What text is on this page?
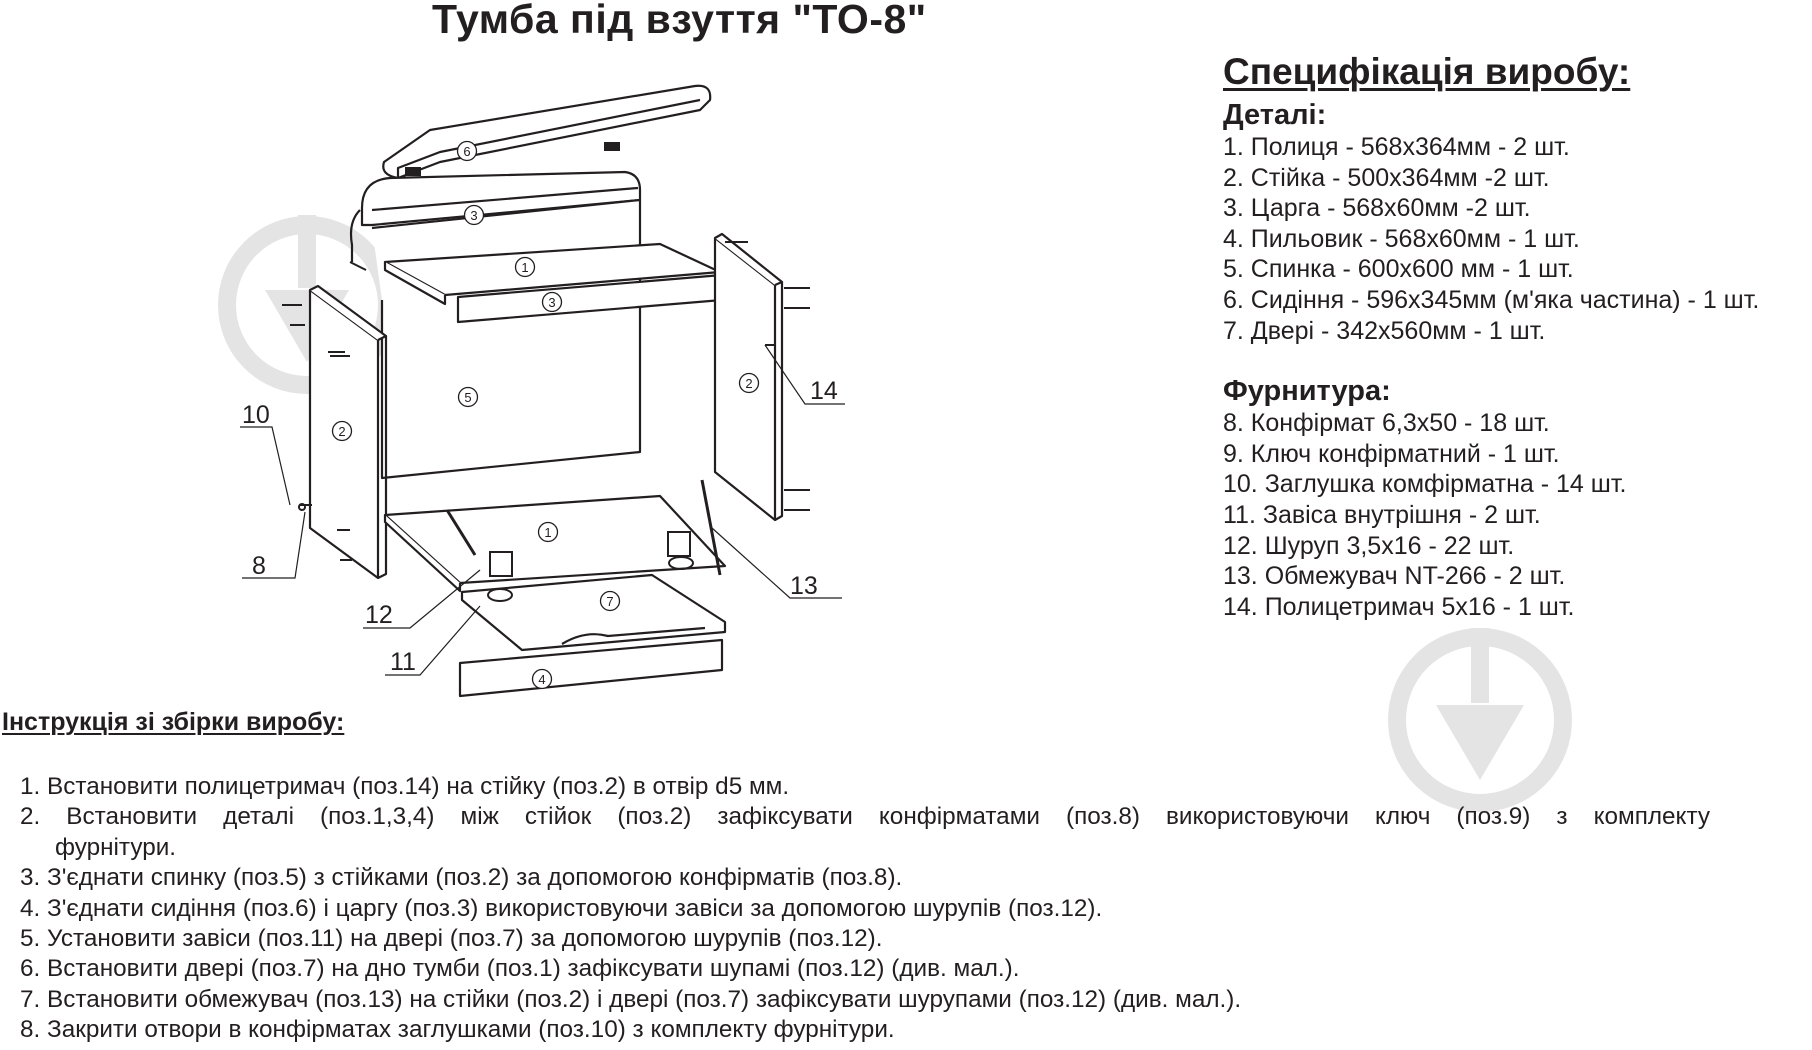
Тумба під взуття "ТО-8"
6
3
1
3
5
2
2
1
7
4
10
8
12
11
13
14
Специфікація виробу:
Деталі:
1. Полиця - 568х364мм - 2 шт.
2. Стійка - 500х364мм -2 шт.
3. Царга - 568х60мм -2 шт.
4. Пильовик - 568х60мм - 1 шт.
5. Спинка - 600х600 мм - 1 шт.
6. Сидіння - 596х345мм (м'яка частина) - 1 шт.
7. Двері - 342х560мм - 1 шт.
Фурнитура:
8. Конфірмат 6,3х50 - 18 шт.
9. Ключ конфірматний - 1 шт.
10. Заглушка комфірматна - 14 шт.
11. Завіса внутрішня - 2 шт.
12. Шуруп 3,5х16 - 22 шт.
13. Обмежувач NT-266 - 2 шт.
14. Полицетримач 5х16 - 1 шт.
Інструкція зі збірки виробу:
1. Встановити полицетримач (поз.14) на стійку (поз.2) в отвір d5 мм.
2. Встановити деталі (поз.1,3,4) між стійок (поз.2) зафіксувати конфірматами (поз.8) використовуючи ключ (поз.9) з комплекту
фурнітури.
3. З'єднати спинку (поз.5) з стійками (поз.2) за допомогою конфірматів (поз.8).
4. З'єднати сидіння (поз.6) і царгу (поз.3) використовуючи завіси за допомогою шурупів (поз.12).
5. Установити завіси (поз.11) на двері (поз.7) за допомогою шурупів (поз.12).
6. Встановити двері (поз.7) на дно тумби (поз.1) зафіксувати шупамі (поз.12) (див. мал.).
7. Встановити обмежувач (поз.13) на стійки (поз.2) і двері (поз.7) зафіксувати шурупами (поз.12) (див. мал.).
8. Закрити отвори в конфірматах заглушками (поз.10) з комплекту фурнітури.
